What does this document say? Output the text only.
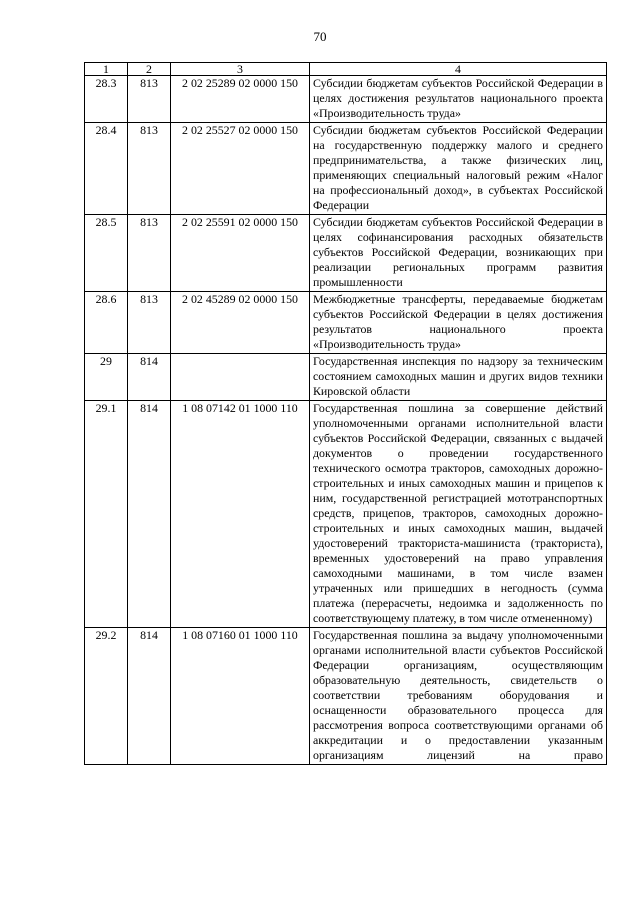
70
1	2	3	4
28.3	813	2 02 25289 02 0000 150	Субсидии бюджетам субъектов Российской Федерации в целях достижения результатов национального проекта «Производительность труда»
28.4	813	2 02 25527 02 0000 150	Субсидии бюджетам субъектов Российской Федерации на государственную поддержку малого и среднего предпринимательства, а также физических лиц, применяющих специальный налоговый режим «Налог на профессиональный доход», в субъектах Российской Федерации
28.5	813	2 02 25591 02 0000 150	Субсидии бюджетам субъектов Российской Федерации в целях софинансирования расходных обязательств субъектов Российской Федерации, возникающих при реализации региональных программ развития промышленности
28.6	813	2 02 45289 02 0000 150	Межбюджетные трансферты, передаваемые бюджетам субъектов Российской Федерации в целях достижения результатов национального проекта «Производительность труда»
29	814		Государственная инспекция по надзору за техническим состоянием самоходных машин и других видов техники Кировской области
29.1	814	1 08 07142 01 1000 110	Государственная пошлина за совершение действий уполномоченными органами исполнительной власти субъектов Российской Федерации, связанных с выдачей документов о проведении государственного технического осмотра тракторов, самоходных дорожно-строительных и иных самоходных машин и прицепов к ним, государственной регистрацией мототранспортных средств, прицепов, тракторов, самоходных дорожно-строительных и иных самоходных машин, выдачей удостоверений тракториста-машиниста (тракториста), временных удостоверений на право управления самоходными машинами, в том числе взамен утраченных или пришедших в негодность (сумма платежа (перерасчеты, недоимка и задолженность по соответствующему платежу, в том числе отмененному)
29.2	814	1 08 07160 01 1000 110	Государственная пошлина за выдачу уполномоченными органами исполнительной власти субъектов Российской Федерации организациям, осуществляющим образовательную деятельность, свидетельств о соответствии требованиям оборудования и оснащенности образовательного процесса для рассмотрения вопроса соответствующими органами об аккредитации и о предоставлении указанным организациям лицензий на право
